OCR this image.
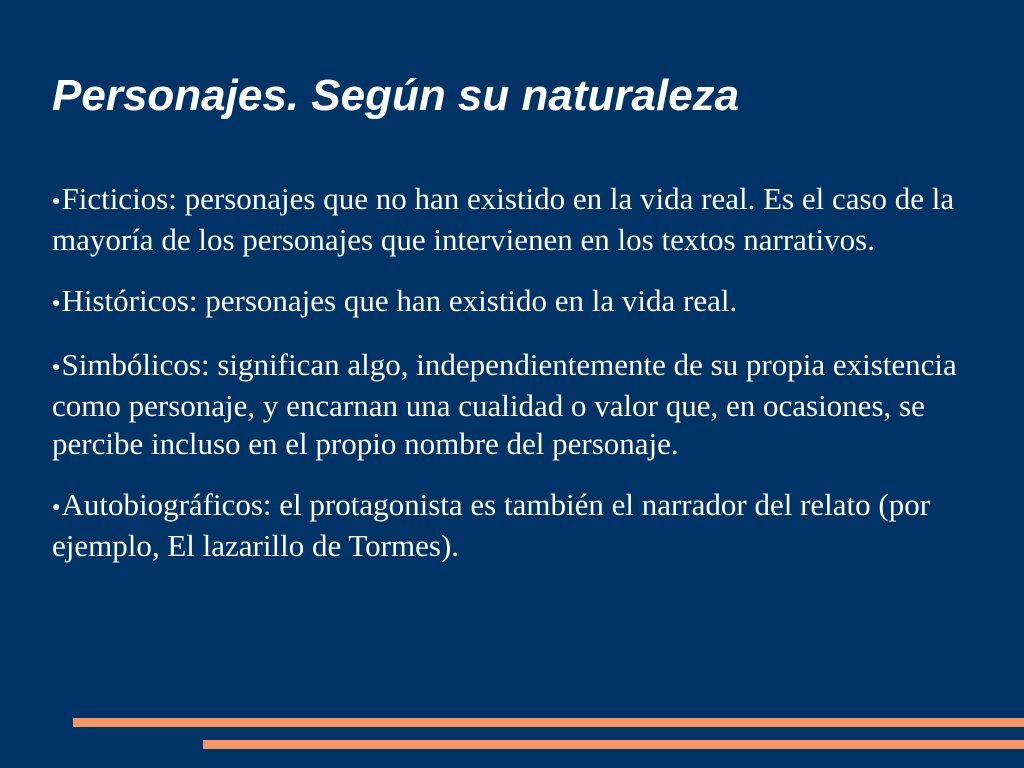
Personajes. Según su naturaleza
●Ficticios: personajes que no han existido en la vida real. Es el caso de la mayoría de los personajes que intervienen en los textos narrativos.
●Históricos: personajes que han existido en la vida real.
●Simbólicos: significan algo, independientemente de su propia existencia como personaje, y encarnan una cualidad o valor que, en ocasiones, se percibe incluso en el propio nombre del personaje.
●Autobiográficos: el protagonista es también el narrador del relato (por ejemplo, El lazarillo de Tormes).
